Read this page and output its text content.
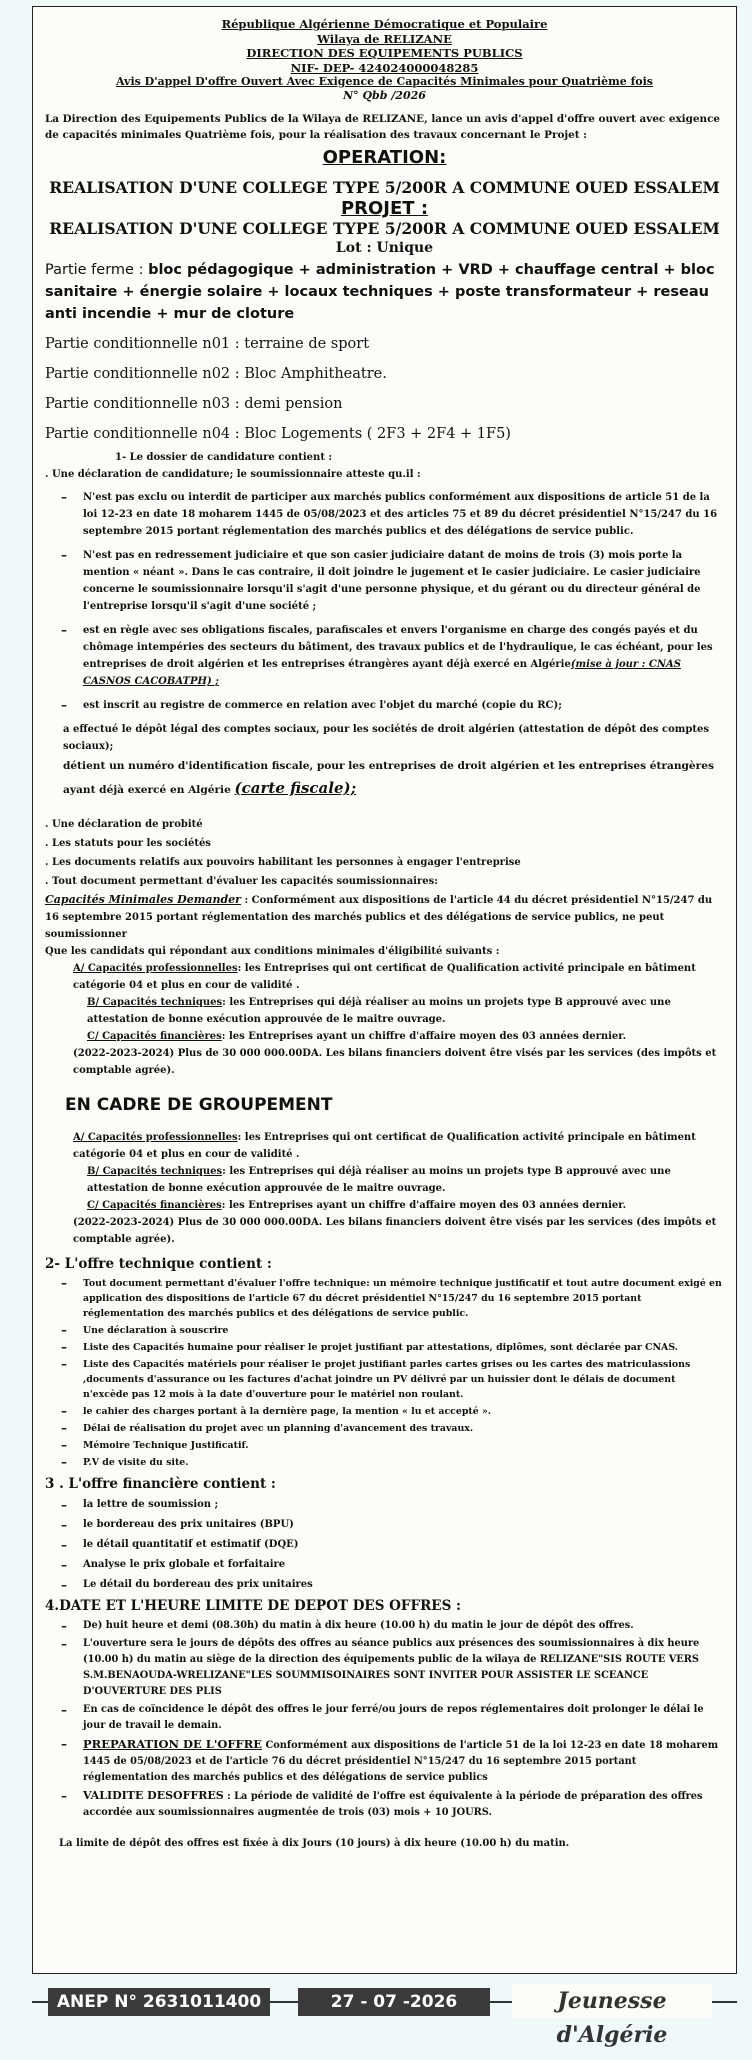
République Algérienne Démocratique et Populaire
Wilaya de RELIZANE
DIRECTION DES EQUIPEMENTS PUBLICS
NIF- DEP- 424024000048285
Avis D'appel D'offre Ouvert Avec Exigence de Capacités Minimales pour Quatrième fois
N° Qbb /2026
La Direction des Equipements Publics de la Wilaya de RELIZANE, lance un avis d'appel d'offre ouvert avec exigence de capacités minimales Quatrième fois, pour la réalisation des travaux concernant le Projet :
OPERATION:
REALISATION D'UNE COLLEGE TYPE 5/200R A COMMUNE OUED ESSALEM
PROJET :
REALISATION D'UNE COLLEGE TYPE 5/200R A COMMUNE OUED ESSALEM
Lot : Unique
Partie ferme : bloc pédagogique + administration + VRD + chauffage central + bloc sanitaire + énergie solaire + locaux techniques + poste transformateur + reseau anti incendie + mur de cloture
Partie conditionnelle n01 : terraine de sport
Partie conditionnelle n02 : Bloc Amphitheatre.
Partie conditionnelle n03 : demi pension
Partie conditionnelle n04 : Bloc Logements ( 2F3 + 2F4 + 1F5)
1- Le dossier de candidature contient :
. Une déclaration de candidature; le soumissionnaire atteste qu.il :
–	N'est pas exclu ou interdit de participer aux marchés publics conformément aux dispositions de article 51 de la loi 12-23 en date 18 moharem 1445 de 05/08/2023 et des articles 75 et 89 du décret présidentiel N°15/247 du 16 septembre 2015 portant réglementation des marchés publics et des délégations de service public.
–	N'est pas en redressement judiciaire et que son casier judiciaire datant de moins de trois (3) mois porte la mention « néant ». Dans le cas contraire, il doit joindre le jugement et le casier judiciaire. Le casier judiciaire concerne le soumissionnaire lorsqu'il s'agit d'une personne physique, et du gérant ou du directeur général de l'entreprise lorsqu'il s'agit d'une société ;
–	est en règle avec ses obligations fiscales, parafiscales et envers l'organisme en charge des congés payés et du chômage intempéries des secteurs du bâtiment, des travaux publics et de l'hydraulique, le cas échéant, pour les entreprises de droit algérien et les entreprises étrangères ayant déjà exercé en Algérie(mise à jour : CNAS CASNOS CACOBATPH) ;
–	est inscrit au registre de commerce en relation avec l'objet du marché (copie du RC);
a effectué le dépôt légal des comptes sociaux, pour les sociétés de droit algérien (attestation de dépôt des comptes sociaux);
détient un numéro d'identification fiscale, pour les entreprises de droit algérien et les entreprises étrangères ayant déjà exercé en Algérie (carte fiscale);
. Une déclaration de probité
. Les statuts pour les sociétés
. Les documents relatifs aux pouvoirs habilitant les personnes à engager l'entreprise
. Tout document permettant d'évaluer les capacités soumissionnaires:
Capacités Minimales Demander : Conformément aux dispositions de l'article 44 du décret présidentiel N°15/247 du 16 septembre 2015 portant réglementation des marchés publics et des délégations de service publics, ne peut soumissionner
Que les candidats qui répondant aux conditions minimales d'éligibilité suivants :
A/ Capacités professionnelles: les Entreprises qui ont certificat de Qualification activité principale en bâtiment catégorie 04 et plus en cour de validité .
B/ Capacités techniques: les Entreprises qui déjà réaliser au moins un projets type B approuvé avec une attestation de bonne exécution approuvée de le maitre ouvrage.
C/ Capacités financières: les Entreprises ayant un chiffre d'affaire moyen des 03 années dernier.
(2022-2023-2024) Plus de 30 000 000.00DA. Les bilans financiers doivent être visés par les services (des impôts et comptable agrée).
EN CADRE DE GROUPEMENT
A/ Capacités professionnelles: les Entreprises qui ont certificat de Qualification activité principale en bâtiment catégorie 04 et plus en cour de validité .
B/ Capacités techniques: les Entreprises qui déjà réaliser au moins un projets type B approuvé avec une attestation de bonne exécution approuvée de le maitre ouvrage.
C/ Capacités financières: les Entreprises ayant un chiffre d'affaire moyen des 03 années dernier.
(2022-2023-2024) Plus de 30 000 000.00DA. Les bilans financiers doivent être visés par les services (des impôts et comptable agrée).
2- L'offre technique contient :
–	Tout document permettant d'évaluer l'offre technique: un mémoire technique justificatif et tout autre document exigé en application des dispositions de l'article 67 du décret présidentiel N°15/247 du 16 septembre 2015 portant réglementation des marchés publics et des délégations de service public.
–	Une déclaration à souscrire
–	Liste des Capacités humaine pour réaliser le projet justifiant par attestations, diplômes, sont déclarée par CNAS.
–	Liste des Capacités matériels pour réaliser le projet justifiant parles cartes grises ou les cartes des matriculassions ,documents d'assurance ou les factures d'achat joindre un PV délivré par un huissier dont le délais de document n'excède pas 12 mois à la date d'ouverture pour le matériel non roulant.
–	le cahier des charges portant à la dernière page, la mention « lu et accepté ».
–	Délai de réalisation du projet avec un planning d'avancement des travaux.
–	Mémoire Technique Justificatif.
–	P.V de visite du site.
3 . L'offre financière contient :
–	la lettre de soumission ;
–	le bordereau des prix unitaires (BPU)
–	le détail quantitatif et estimatif (DQE)
–	Analyse le prix globale et forfaitaire
–	Le détail du bordereau des prix unitaires
4.DATE ET L'HEURE LIMITE DE DEPOT DES OFFRES :
–	De) huit heure et demi (08.30h) du matin à dix heure (10.00 h) du matin le jour de dépôt des offres.
–	L'ouverture sera le jours de dépôts des offres au séance publics aux présences des soumissionnaires à dix heure (10.00 h) du matin au siège de la direction des équipements public de la wilaya de RELIZANE"SIS ROUTE VERS S.M.BENAOUDA-WRELIZANE"LES SOUMMISOINAIRES SONT INVITER POUR ASSISTER LE SCEANCE D'OUVERTURE DES PLIS
–	En cas de coïncidence le dépôt des offres le jour ferré/ou jours de repos réglementaires doit prolonger le délai le jour de travail le demain.
–	PREPARATION DE L'OFFRE Conformément aux dispositions de l'article 51 de la loi 12-23 en date 18 moharem 1445 de 05/08/2023 et de l'article 76 du décret présidentiel N°15/247 du 16 septembre 2015 portant réglementation des marchés publics et des délégations de service publics
–	VALIDITE DESOFFRES : La période de validité de l'offre est équivalente à la période de préparation des offres accordée aux soumissionnaires augmentée de trois (03) mois + 10 JOURS.
La limite de dépôt des offres est fixée à dix Jours (10 jours) à dix heure (10.00 h) du matin.
ANEP N° 2631011400	27 - 07 -2026	Jeunesse d'Algérie
